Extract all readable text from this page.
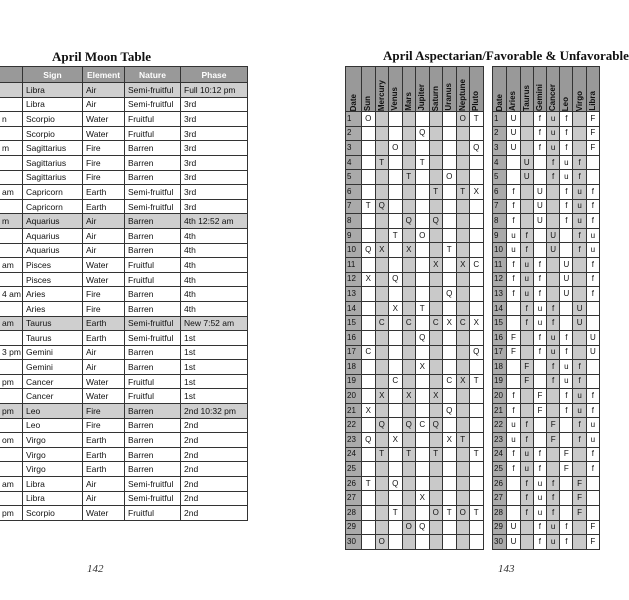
April Moon Table
	Sign	Element	Nature	Phase
	Libra	Air	Semi-fruitful	Full 10:12 pm
	Libra	Air	Semi-fruitful	3rd
n	Scorpio	Water	Fruitful	3rd
	Scorpio	Water	Fruitful	3rd
m	Sagittarius	Fire	Barren	3rd
	Sagittarius	Fire	Barren	3rd
	Sagittarius	Fire	Barren	3rd
am	Capricorn	Earth	Semi-fruitful	3rd
	Capricorn	Earth	Semi-fruitful	3rd
m	Aquarius	Air	Barren	4th 12:52 am
	Aquarius	Air	Barren	4th
	Aquarius	Air	Barren	4th
am	Pisces	Water	Fruitful	4th
	Pisces	Water	Fruitful	4th
4 am	Aries	Fire	Barren	4th
	Aries	Fire	Barren	4th
am	Taurus	Earth	Semi-fruitful	New 7:52 am
	Taurus	Earth	Semi-fruitful	1st
3 pm	Gemini	Air	Barren	1st
	Gemini	Air	Barren	1st
pm	Cancer	Water	Fruitful	1st
	Cancer	Water	Fruitful	1st
pm	Leo	Fire	Barren	2nd 10:32 pm
	Leo	Fire	Barren	2nd
om	Virgo	Earth	Barren	2nd
	Virgo	Earth	Barren	2nd
	Virgo	Earth	Barren	2nd
am	Libra	Air	Semi-fruitful	2nd
	Libra	Air	Semi-fruitful	2nd
pm	Scorpio	Water	Fruitful	2nd
142
April Aspectarian/Favorable & Unfavorable
Date	Sun	Mercury	Venus	Mars	Jupiter	Saturn	Uranus	Neptune	Pluto

1	O							O	T
2					Q				
3			O						Q
4		T			T				
5				T			O		
6						T		T	X
7	T	Q							
8				Q		Q			
9			T		O				
10	Q	X		X			T		
11						X		X	C
12	X		Q						
13							Q		
14			X		T				
15		C		C		C	X	C	X
16					Q				
17	C								Q
18					X				
19			C				C	X	T
20		X		X		X			
21	X						Q		
22		Q		Q	C	Q			
23	Q		X				X	T	
24		T		T		T			T
25									
26	T		Q						
27					X				
28			T			O	T	O	T
29				O	Q				
30		O							
Date	Aries	Taurus	Gemini	Cancer	Leo	Virgo	Libra

1	U		f	u	f		F
2	U		f	u	f		F
3	U		f	u	f		F
4		U		f	u	f	
5		U		f	u	f	
6	f		U		f	u	f
7	f		U		f	u	f
8	f		U		f	u	f
9	u	f		U		f	u
10	u	f		U		f	u
11	f	u	f		U		f
12	f	u	f		U		f
13	f	u	f		U		f
14		f	u	f		U	
15		f	u	f		U	
16	F		f	u	f		U
17	F		f	u	f		U
18		F		f	u	f	
19		F		f	u	f	
20	f		F		f	u	f
21	f		F		f	u	f
22	u	f		F		f	u
23	u	f		F		f	u
24	f	u	f		F		f
25	f	u	f		F		f
26		f	u	f		F	
27		f	u	f		F	
28		f	u	f		F	
29	U		f	u	f		F
30	U		f	u	f		F
143
